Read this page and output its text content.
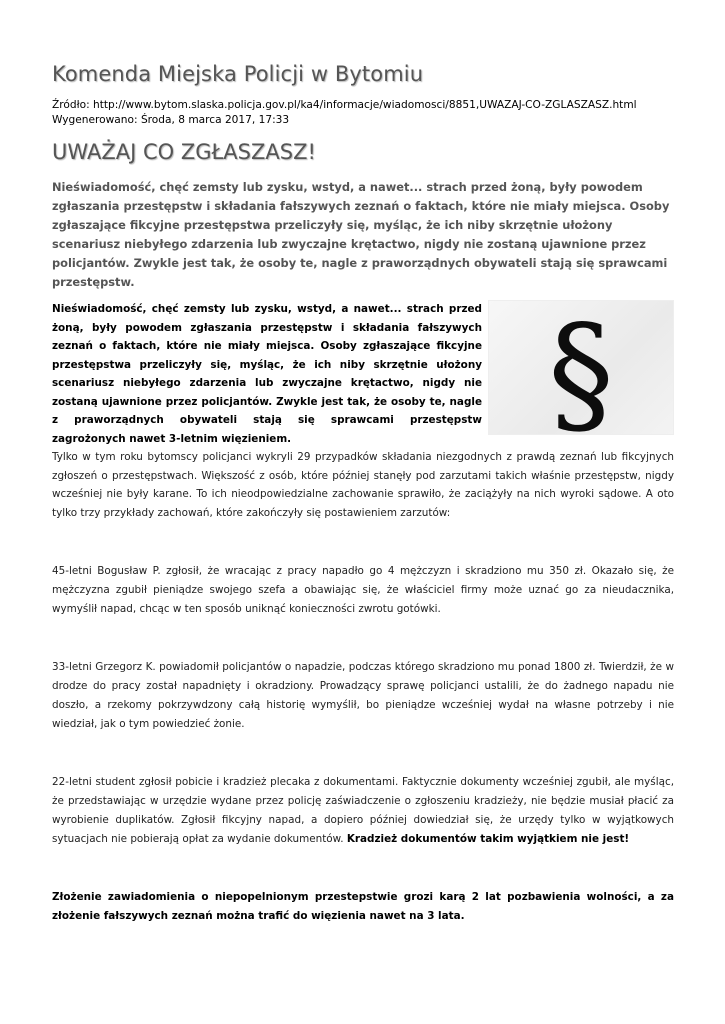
Komenda Miejska Policji w Bytomiu
Źródło: http://www.bytom.slaska.policja.gov.pl/ka4/informacje/wiadomosci/8851,UWAZAJ-CO-ZGLASZASZ.html
Wygenerowano: Środa, 8 marca 2017, 17:33
UWAŻAJ CO ZGŁASZASZ!

Nieświadomość, chęć zemsty lub zysku, wstyd, a nawet... strach przed żoną, były powodem zgłaszania przestępstw i składania fałszywych zeznań o faktach, które nie miały miejsca. Osoby zgłaszające fikcyjne przestępstwa przeliczyły się, myśląc, że ich niby skrzętnie ułożony scenariusz niebyłego zdarzenia lub zwyczajne krętactwo, nigdy nie zostaną ujawnione przez policjantów. Zwykle jest tak, że osoby te, nagle z praworządnych obywateli stają się sprawcami przestępstw.

§

Nieświadomość, chęć zemsty lub zysku, wstyd, a nawet... strach przed żoną, były powodem zgłaszania przestępstw i składania fałszywych zeznań o faktach, które nie miały miejsca. Osoby zgłaszające fikcyjne przestępstwa przeliczyły się, myśląc, że ich niby skrzętnie ułożony scenariusz niebyłego zdarzenia lub zwyczajne krętactwo, nigdy nie zostaną ujawnione przez policjantów. Zwykle jest tak, że osoby te, nagle z praworządnych obywateli stają się sprawcami przestępstw zagrożonych nawet 3-letnim więzieniem.

Tylko w tym roku bytomscy policjanci wykryli 29 przypadków składania niezgodnych z prawdą zeznań lub fikcyjnych zgłoszeń o przestępstwach. Większość z osób, które później stanęły pod zarzutami takich właśnie przestępstw, nigdy wcześniej nie były karane. To ich nieodpowiedzialne zachowanie sprawiło, że zaciążyły na nich wyroki sądowe. A oto tylko trzy przykłady zachowań, które zakończyły się postawieniem zarzutów:

45-letni Bogusław P. zgłosił, że wracając z pracy napadło go 4 mężczyzn i skradziono mu 350 zł. Okazało się, że mężczyzna zgubił pieniądze swojego szefa a obawiając się, że właściciel firmy może uznać go za nieudacznika, wymyślił napad, chcąc w ten sposób uniknąć konieczności zwrotu gotówki.

33-letni Grzegorz K. powiadomił policjantów o napadzie, podczas którego skradziono mu ponad 1800 zł. Twierdził, że w drodze do pracy został napadnięty i okradziony. Prowadzący sprawę policjanci ustalili, że do żadnego napadu nie doszło, a rzekomy pokrzywdzony całą historię wymyślił, bo pieniądze wcześniej wydał na własne potrzeby i nie wiedział, jak o tym powiedzieć żonie.

22-letni student zgłosił pobicie i kradzież plecaka z dokumentami. Faktycznie dokumenty wcześniej zgubił, ale myśląc, że przedstawiając w urzędzie wydane przez policję zaświadczenie o zgłoszeniu kradzieży, nie będzie musiał płacić za wyrobienie duplikatów. Zgłosił fikcyjny napad, a dopiero później dowiedział się, że urzędy tylko w wyjątkowych sytuacjach nie pobierają opłat za wydanie dokumentów. Kradzież dokumentów takim wyjątkiem nie jest!

Złożenie zawiadomienia o niepopelnionym przestepstwie grozi karą 2 lat pozbawienia wolności, a za złożenie fałszywych zeznań można trafić do więzienia nawet na 3 lata.
